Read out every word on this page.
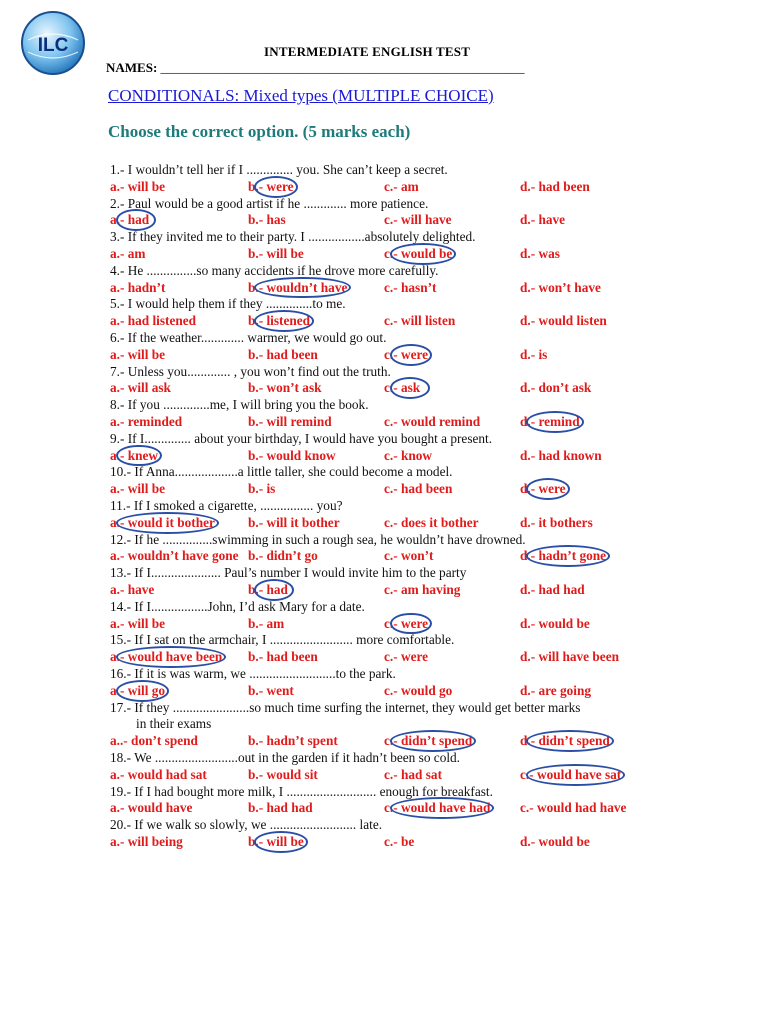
ILC	INTERMEDIATE ENGLISH TEST
NAMES: ________________________________________________________
CONDITIONALS: Mixed types (MULTIPLE CHOICE)
Choose the correct option. (5 marks each)
1.- I wouldn’t tell her if I .............. you. She can’t keep a secret.
a.- will be	b.- were	c.- am	d.- had been
2.- Paul would be a good artist if he ............. more patience.
a.- had	b.- has	c.- will have	d.- have
3.- If they invited me to their party. I .................absolutely delighted.
a.- am	b.- will be	c.- would be	d.- was
4.- He ...............so many accidents if he drove more carefully.
a.- hadn’t	b.- wouldn’t have	c.- hasn’t	d.- won’t have
5.- I would help them if they ..............to me.
a.- had listened	b.- listened	c.- will listen	d.- would listen
6.- If the weather............. warmer, we would go out.
a.- will be	b.- had been	c.- were	d.- is
7.- Unless you............. , you won’t find out the truth.
a.- will ask	b.- won’t ask	c.- ask	d.- don’t ask
8.- If you ..............me, I will bring you the book.
a.- reminded	b.- will remind	c.- would remind	d.- remind
9.- If I.............. about your birthday, I would have you bought a present.
a.- knew	b.- would know	c.- know	d.- had known
10.- If Anna...................a little taller, she could become a model.
a.- will be	b.- is	c.- had been	d.- were
11.- If I smoked a cigarette, ................ you?
a.- would it bother b.- will it bother	c.- does it bother	d.- it bothers
12.- If he ...............swimming in such a rough sea, he wouldn’t have drowned.
a.- wouldn’t have gone b.- didn’t go	c.- won’t	d.- hadn’t gone
13.- If I..................... Paul’s number I would invite him to the party
a.- have	b.- had	c.- am having	d.- had had
14.- If I.................John, I’d ask Mary for a date.
a.- will be	b.- am	c.- were	d.- would be
15.- If I sat on the armchair, I ......................... more comfortable.
a.- would have been b.- had been	c.- were	d.- will have been
16.- If it is was warm, we ..........................to the park.
a.- will go	b.- went	c.- would go	d.- are going
17.- If they .......................so much time surfing the internet, they would get better marks
in their exams
a..- don’t spend	b.- hadn’t spent	c.- didn’t spend	d.- didn’t spend
18.- We .........................out in the garden if it hadn’t been so cold.
a.- would had sat	b.- would sit	c.- had sat	c.- would have sat
19.- If I had bought more milk, I ........................... enough for breakfast.
a.- would have	b.- had had	c.- would have had c.- would had have
20.- If we walk so slowly, we .......................... late.
a.- will being	b.- will be	c.- be	d.- would be
